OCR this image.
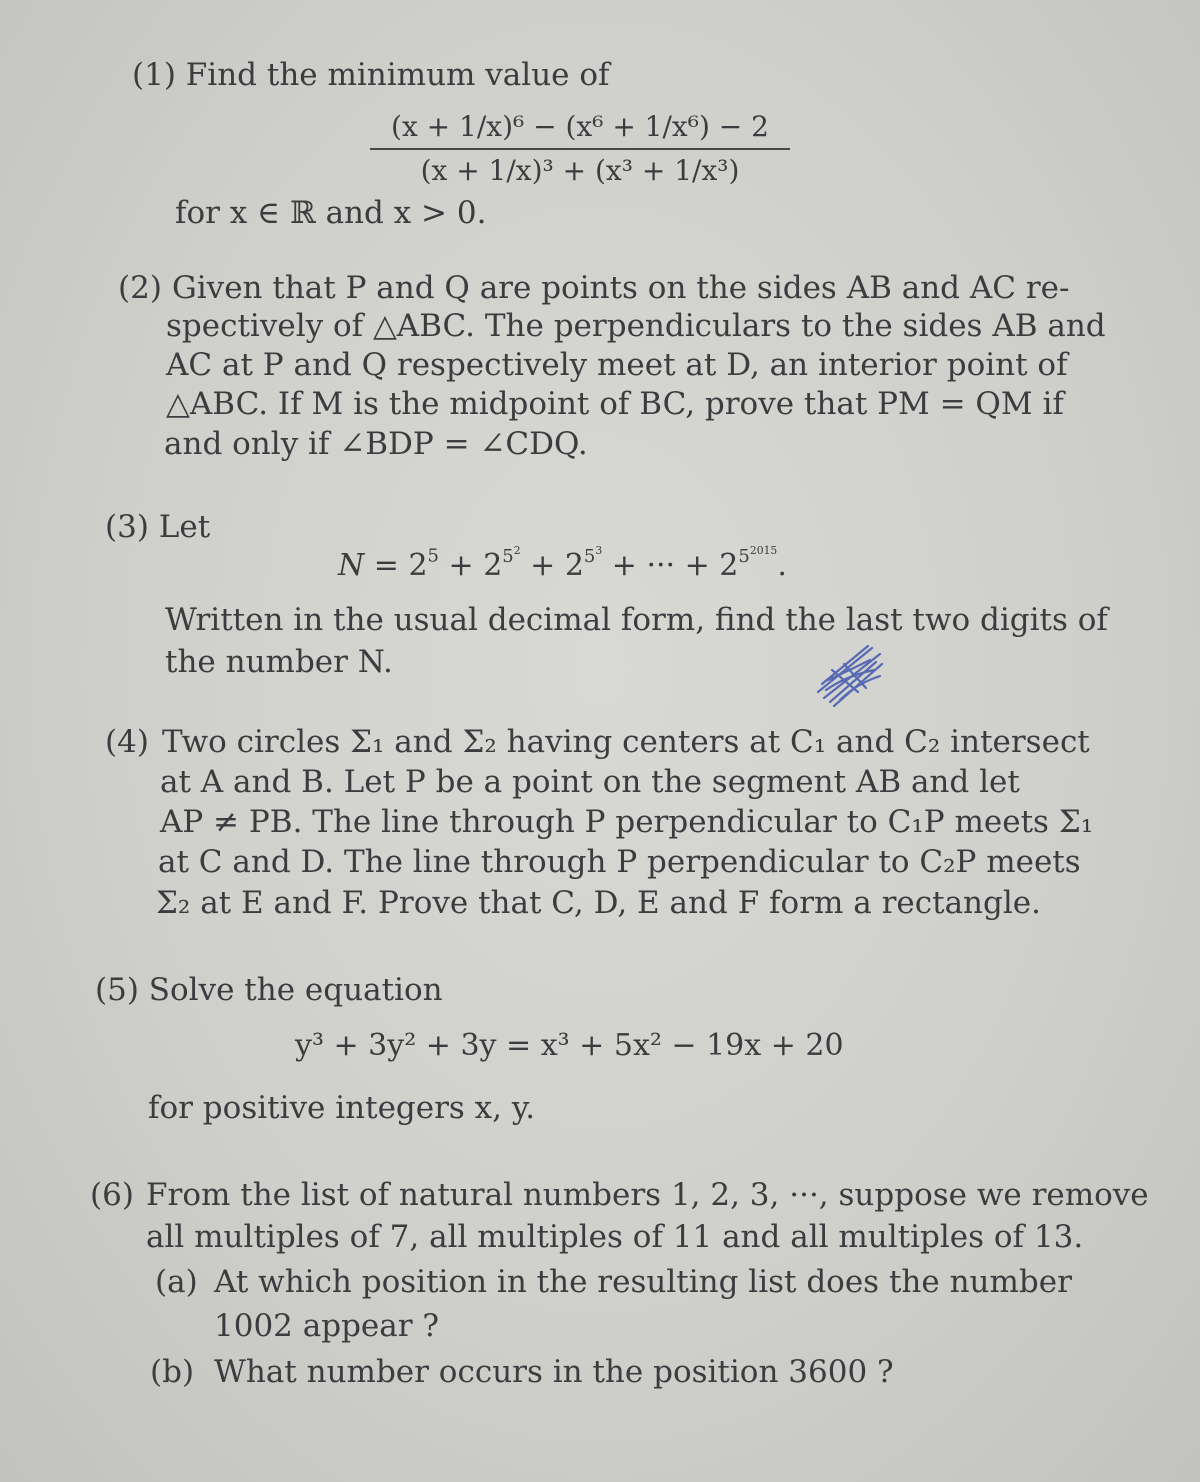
(1) Find the minimum value of
(x + 1/x)⁶ − (x⁶ + 1/x⁶) − 2
(x + 1/x)³ + (x³ + 1/x³)
for x ∈ ℝ and x > 0.
(2) Given that P and Q are points on the sides AB and AC re-
spectively of △ABC. The perpendiculars to the sides AB and
AC at P and Q respectively meet at D, an interior point of
△ABC. If M is the midpoint of BC, prove that PM = QM if
and only if ∠BDP = ∠CDQ.
(3) Let
$N = 2^5 + 2^{5^2} + 2^{5^3}$ + ··· + $2^{5^{2015}}$.
Written in the usual decimal form, find the last two digits of
the number N.
(4) Two circles Σ₁ and Σ₂ having centers at C₁ and C₂ intersect
at A and B. Let P be a point on the segment AB and let
AP ≠ PB. The line through P perpendicular to C₁P meets Σ₁
at C and D. The line through P perpendicular to C₂P meets
Σ₂ at E and F. Prove that C, D, E and F form a rectangle.
(5) Solve the equation
y³ + 3y² + 3y = x³ + 5x² − 19x + 20
for positive integers x, y.
(6) From the list of natural numbers 1, 2, 3, ···, suppose we remove
all multiples of 7, all multiples of 11 and all multiples of 13.
(a) At which position in the resulting list does the number
1002 appear ?
(b) What number occurs in the position 3600 ?
